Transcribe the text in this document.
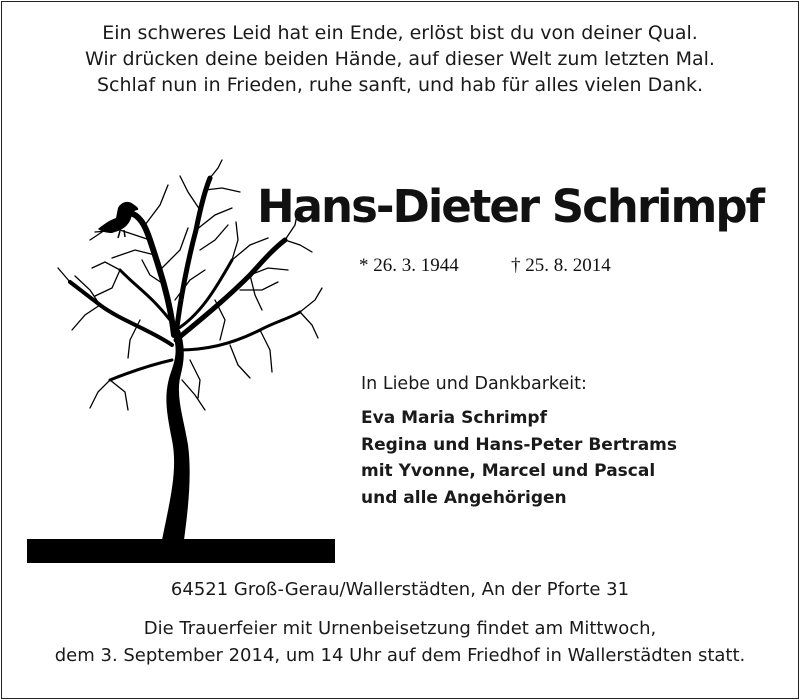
Ein schweres Leid hat ein Ende, erlöst bist du von deiner Qual.
Wir drücken deine beiden Hände, auf dieser Welt zum letzten Mal.
Schlaf nun in Frieden, ruhe sanft, und hab für alles vielen Dank.
Hans-Dieter Schrimpf
* 26. 3. 1944	† 25. 8. 2014
In Liebe und Dankbarkeit:
Eva Maria Schrimpf
Regina und Hans-Peter Bertrams
mit Yvonne, Marcel und Pascal
und alle Angehörigen
64521 Groß-Gerau/Wallerstädten, An der Pforte 31
Die Trauerfeier mit Urnenbeisetzung findet am Mittwoch,
dem 3. September 2014, um 14 Uhr auf dem Friedhof in Wallerstädten statt.
